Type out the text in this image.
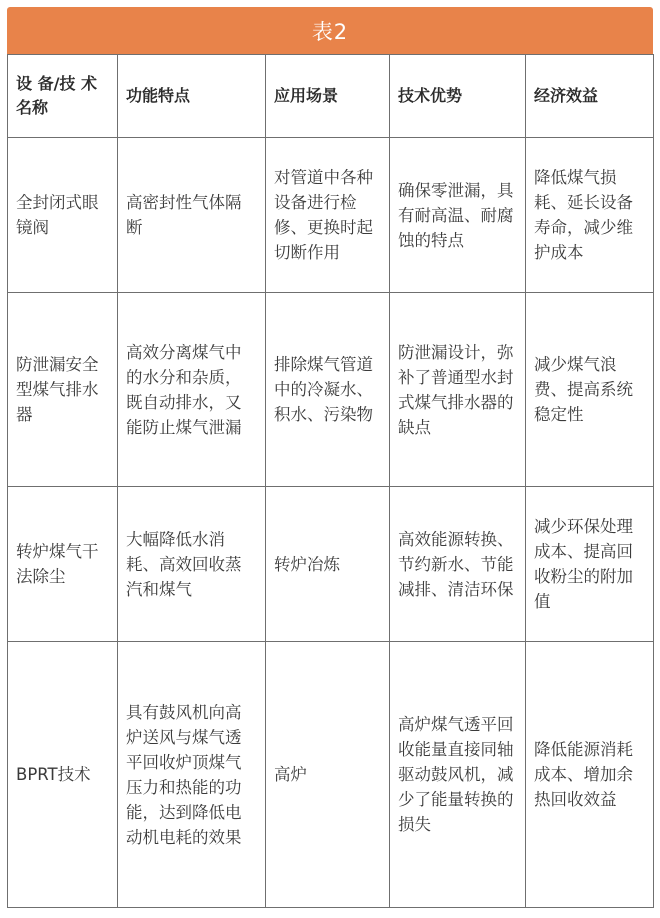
表2
设 备/技 术
名称	功能特点	应用场景	技术优势	经济效益
全封闭式眼镜阀	高密封性气体隔断	对管道中各种设备进行检修、更换时起切断作用	确保零泄漏，具有耐高温、耐腐蚀的特点	降低煤气损耗、延长设备寿命，减少维护成本
防泄漏安全型煤气排水器	高效分离煤气中的水分和杂质，既自动排水，又能防止煤气泄漏	排除煤气管道中的冷凝水、积水、污染物	防泄漏设计，弥补了普通型水封式煤气排水器的缺点	减少煤气浪费、提高系统稳定性
转炉煤气干法除尘	大幅降低水消耗、高效回收蒸汽和煤气	转炉冶炼	高效能源转换、节约新水、节能减排、清洁环保	减少环保处理成本、提高回收粉尘的附加值
BPRT技术	具有鼓风机向高炉送风与煤气透平回收炉顶煤气压力和热能的功能，达到降低电动机电耗的效果	高炉	高炉煤气透平回收能量直接同轴驱动鼓风机，减少了能量转换的损失	降低能源消耗成本、增加余热回收效益
